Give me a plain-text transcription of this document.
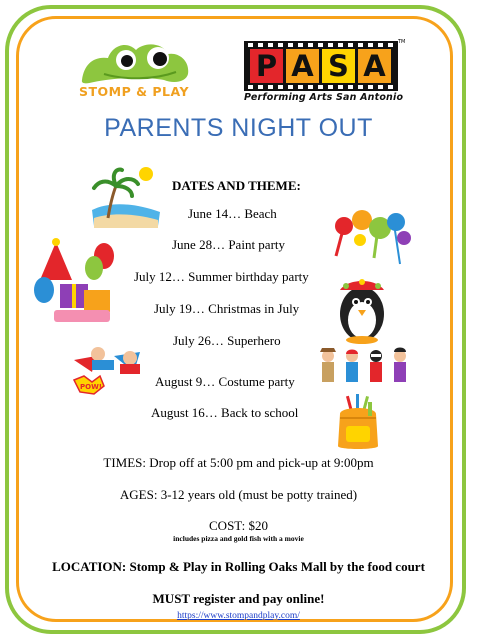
STOMP & PLAY
P A S A
TM
Performing Arts San Antonio
PARENTS NIGHT OUT
DATES AND THEME:
June 14… Beach
June 28… Paint party
July 12… Summer birthday party
July 19… Christmas in July
July 26… Superhero
August 9… Costume party
August 16… Back to school
TIMES: Drop off at 5:00 pm and pick-up at 9:00pm
AGES: 3-12 years old (must be potty trained)
COST: $20
includes pizza and gold fish with a movie
LOCATION: Stomp & Play in Rolling Oaks Mall by the food court
MUST register and pay online!
https://www.stompandplay.com/
POW!
